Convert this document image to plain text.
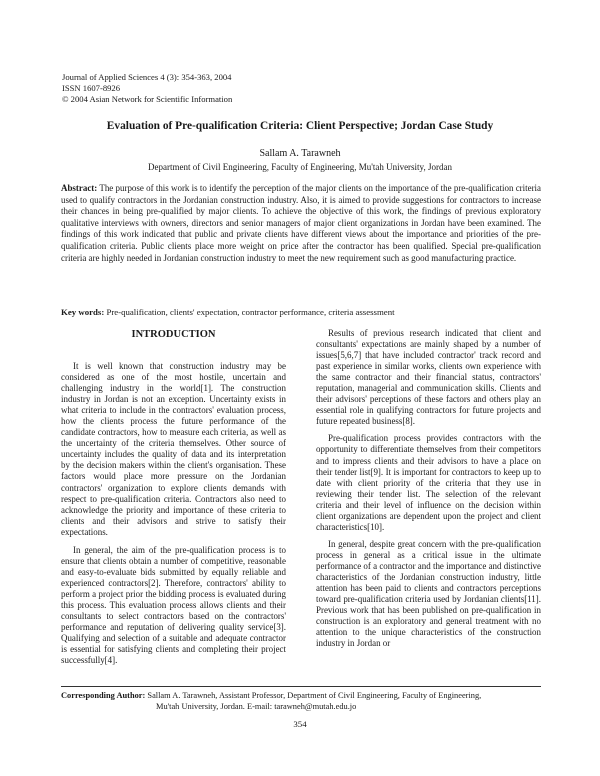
Journal of Applied Sciences 4 (3): 354-363, 2004
ISSN 1607-8926
© 2004 Asian Network for Scientific Information
Evaluation of Pre-qualification Criteria: Client Perspective; Jordan Case Study
Sallam A. Tarawneh
Department of Civil Engineering, Faculty of Engineering, Mu'tah University, Jordan
Abstract: The purpose of this work is to identify the perception of the major clients on the importance of the pre-qualification criteria used to qualify contractors in the Jordanian construction industry. Also, it is aimed to provide suggestions for contractors to increase their chances in being pre-qualified by major clients. To achieve the objective of this work, the findings of previous exploratory qualitative interviews with owners, directors and senior managers of major client organizations in Jordan have been examined. The findings of this work indicated that public and private clients have different views about the importance and priorities of the pre-qualification criteria. Public clients place more weight on price after the contractor has been qualified. Special pre-qualification criteria are highly needed in Jordanian construction industry to meet the new requirement such as good manufacturing practice.
Key words: Pre-qualification, clients' expectation, contractor performance, criteria assessment
INTRODUCTION
It is well known that construction industry may be considered as one of the most hostile, uncertain and challenging industry in the world[1]. The construction industry in Jordan is not an exception. Uncertainty exists in what criteria to include in the contractors' evaluation process, how the clients process the future performance of the candidate contractors, how to measure each criteria, as well as the uncertainty of the criteria themselves. Other source of uncertainty includes the quality of data and its interpretation by the decision makers within the client's organisation. These factors would place more pressure on the Jordanian contractors' organization to explore clients demands with respect to pre-qualification criteria. Contractors also need to acknowledge the priority and importance of these criteria to clients and their advisors and strive to satisfy their expectations.
In general, the aim of the pre-qualification process is to ensure that clients obtain a number of competitive, reasonable and easy-to-evaluate bids submitted by equally reliable and experienced contractors[2]. Therefore, contractors' ability to perform a project prior the bidding process is evaluated during this process. This evaluation process allows clients and their consultants to select contractors based on the contractors' performance and reputation of delivering quality service[3]. Qualifying and selection of a suitable and adequate contractor is essential for satisfying clients and completing their project successfully[4].
Results of previous research indicated that client and consultants' expectations are mainly shaped by a number of issues[5,6,7] that have included contractor' track record and past experience in similar works, clients own experience with the same contractor and their financial status, contractors' reputation, managerial and communication skills. Clients and their advisors' perceptions of these factors and others play an essential role in qualifying contractors for future projects and future repeated business[8].
Pre-qualification process provides contractors with the opportunity to differentiate themselves from their competitors and to impress clients and their advisors to have a place on their tender list[9]. It is important for contractors to keep up to date with client priority of the criteria that they use in reviewing their tender list. The selection of the relevant criteria and their level of influence on the decision within client organizations are dependent upon the project and client characteristics[10].
In general, despite great concern with the pre-qualification process in general as a critical issue in the ultimate performance of a contractor and the importance and distinctive characteristics of the Jordanian construction industry, little attention has been paid to clients and contractors perceptions toward pre-qualification criteria used by Jordanian clients[11]. Previous work that has been published on pre-qualification in construction is an exploratory and general treatment with no attention to the unique characteristics of the construction industry in Jordan or
Corresponding Author: Sallam A. Tarawneh, Assistant Professor, Department of Civil Engineering, Faculty of Engineering,
Mu'tah University, Jordan. E-mail: tarawneh@mutah.edu.jo
354
